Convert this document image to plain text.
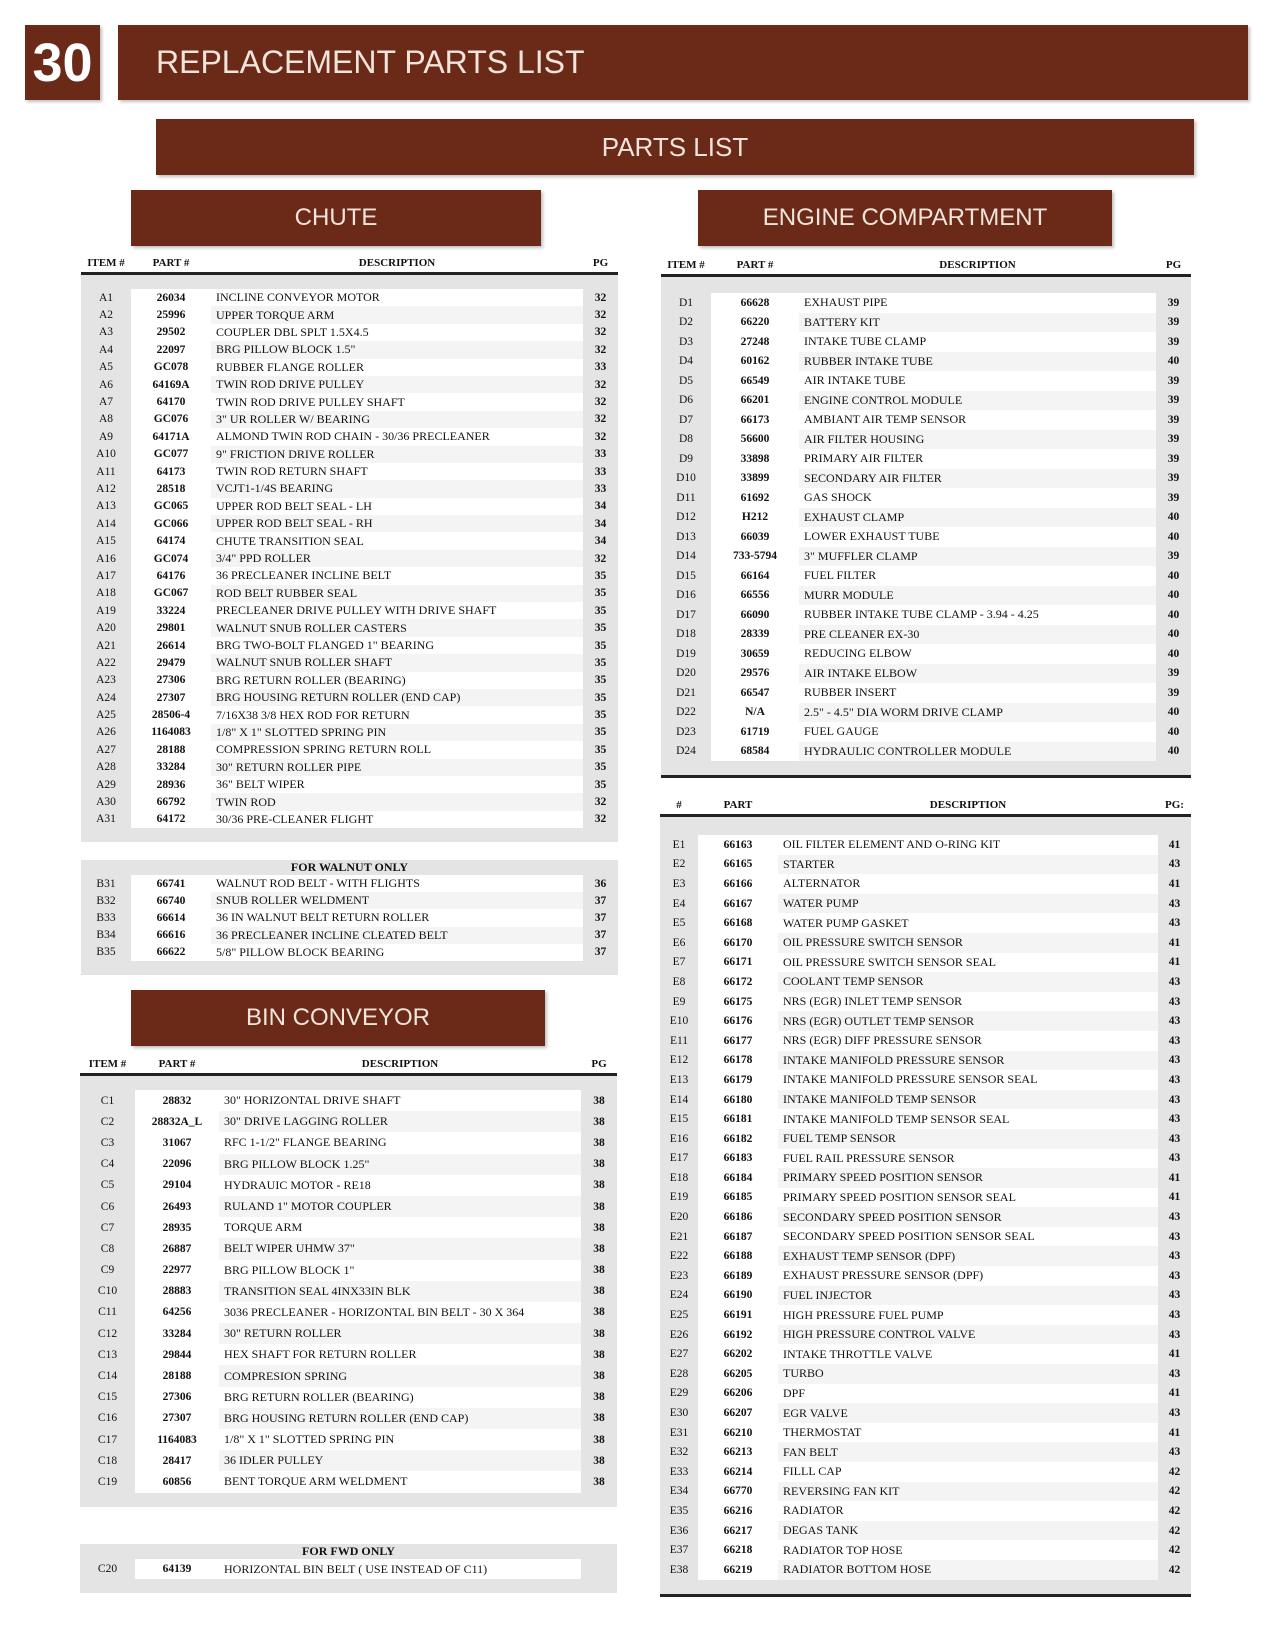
30	REPLACEMENT PARTS LIST
PARTS LIST
CHUTE
ITEM #	PART #	DESCRIPTION	PG
A1	26034	INCLINE CONVEYOR MOTOR	32
A2	25996	UPPER TORQUE ARM	32
A3	29502	COUPLER DBL SPLT 1.5X4.5	32
A4	22097	BRG PILLOW BLOCK 1.5"	32
A5	GC078	RUBBER FLANGE ROLLER	33
A6	64169A	TWIN ROD DRIVE PULLEY	32
A7	64170	TWIN ROD DRIVE PULLEY SHAFT	32
A8	GC076	3" UR ROLLER W/ BEARING	32
A9	64171A	ALMOND TWIN ROD CHAIN - 30/36 PRECLEANER	32
A10	GC077	9" FRICTION DRIVE ROLLER	33
A11	64173	TWIN ROD RETURN SHAFT	33
A12	28518	VCJT1-1/4S BEARING	33
A13	GC065	UPPER ROD BELT SEAL - LH	34
A14	GC066	UPPER ROD BELT SEAL - RH	34
A15	64174	CHUTE TRANSITION SEAL	34
A16	GC074	3/4" PPD ROLLER	32
A17	64176	36 PRECLEANER INCLINE BELT	35
A18	GC067	ROD BELT RUBBER SEAL	35
A19	33224	PRECLEANER DRIVE PULLEY WITH DRIVE SHAFT	35
A20	29801	WALNUT SNUB ROLLER CASTERS	35
A21	26614	BRG TWO-BOLT FLANGED 1" BEARING	35
A22	29479	WALNUT SNUB ROLLER SHAFT	35
A23	27306	BRG RETURN ROLLER (BEARING)	35
A24	27307	BRG HOUSING RETURN ROLLER (END CAP)	35
A25	28506-4	7/16X38 3/8 HEX ROD FOR RETURN	35
A26	1164083	1/8" X 1" SLOTTED SPRING PIN	35
A27	28188	COMPRESSION SPRING RETURN ROLL	35
A28	33284	30" RETURN ROLLER PIPE	35
A29	28936	36" BELT WIPER	35
A30	66792	TWIN ROD	32
A31	64172	30/36 PRE-CLEANER FLIGHT	32
FOR WALNUT ONLY
B31	66741	WALNUT ROD BELT - WITH FLIGHTS	36
B32	66740	SNUB ROLLER WELDMENT	37
B33	66614	36 IN WALNUT BELT RETURN ROLLER	37
B34	66616	36 PRECLEANER INCLINE CLEATED BELT	37
B35	66622	5/8" PILLOW BLOCK BEARING	37
BIN CONVEYOR
ITEM #	PART #	DESCRIPTION	PG
C1	28832	30" HORIZONTAL DRIVE SHAFT	38
C2	28832A_L	30" DRIVE LAGGING ROLLER	38
C3	31067	RFC 1-1/2" FLANGE BEARING	38
C4	22096	BRG PILLOW BLOCK 1.25"	38
C5	29104	HYDRAUIC MOTOR - RE18	38
C6	26493	RULAND 1" MOTOR COUPLER	38
C7	28935	TORQUE ARM	38
C8	26887	BELT WIPER UHMW 37"	38
C9	22977	BRG PILLOW BLOCK 1"	38
C10	28883	TRANSITION SEAL 4INX33IN BLK	38
C11	64256	3036 PRECLEANER - HORIZONTAL BIN BELT - 30 X 364	38
C12	33284	30" RETURN ROLLER	38
C13	29844	HEX SHAFT FOR RETURN ROLLER	38
C14	28188	COMPRESION SPRING	38
C15	27306	BRG RETURN ROLLER (BEARING)	38
C16	27307	BRG HOUSING RETURN ROLLER (END CAP)	38
C17	1164083	1/8" X 1" SLOTTED SPRING PIN	38
C18	28417	36 IDLER PULLEY	38
C19	60856	BENT TORQUE ARM WELDMENT	38
FOR FWD ONLY
C20	64139	HORIZONTAL BIN BELT ( USE INSTEAD OF C11)
ENGINE COMPARTMENT
ITEM #	PART #	DESCRIPTION	PG
D1	66628	EXHAUST PIPE	39
D2	66220	BATTERY KIT	39
D3	27248	INTAKE TUBE CLAMP	39
D4	60162	RUBBER INTAKE TUBE	40
D5	66549	AIR INTAKE TUBE	39
D6	66201	ENGINE CONTROL MODULE	39
D7	66173	AMBIANT AIR TEMP SENSOR	39
D8	56600	AIR FILTER HOUSING	39
D9	33898	PRIMARY AIR FILTER	39
D10	33899	SECONDARY AIR FILTER	39
D11	61692	GAS SHOCK	39
D12	H212	EXHAUST CLAMP	40
D13	66039	LOWER EXHAUST TUBE	40
D14	733-5794	3" MUFFLER CLAMP	39
D15	66164	FUEL FILTER	40
D16	66556	MURR MODULE	40
D17	66090	RUBBER INTAKE TUBE CLAMP - 3.94 - 4.25	40
D18	28339	PRE CLEANER EX-30	40
D19	30659	REDUCING ELBOW	40
D20	29576	AIR INTAKE ELBOW	39
D21	66547	RUBBER INSERT	39
D22	N/A	2.5" - 4.5" DIA WORM DRIVE CLAMP	40
D23	61719	FUEL GAUGE	40
D24	68584	HYDRAULIC CONTROLLER MODULE	40
#	PART	DESCRIPTION	PG:
E1	66163	OIL FILTER ELEMENT AND O-RING KIT	41
E2	66165	STARTER	43
E3	66166	ALTERNATOR	41
E4	66167	WATER PUMP	43
E5	66168	WATER PUMP GASKET	43
E6	66170	OIL PRESSURE SWITCH SENSOR	41
E7	66171	OIL PRESSURE SWITCH SENSOR SEAL	41
E8	66172	COOLANT TEMP SENSOR	43
E9	66175	NRS (EGR) INLET TEMP SENSOR	43
E10	66176	NRS (EGR) OUTLET TEMP SENSOR	43
E11	66177	NRS (EGR) DIFF PRESSURE SENSOR	43
E12	66178	INTAKE MANIFOLD PRESSURE SENSOR	43
E13	66179	INTAKE MANIFOLD PRESSURE SENSOR SEAL	43
E14	66180	INTAKE MANIFOLD TEMP SENSOR	43
E15	66181	INTAKE MANIFOLD TEMP SENSOR SEAL	43
E16	66182	FUEL TEMP SENSOR	43
E17	66183	FUEL RAIL PRESSURE SENSOR	43
E18	66184	PRIMARY SPEED POSITION SENSOR	41
E19	66185	PRIMARY SPEED POSITION SENSOR SEAL	41
E20	66186	SECONDARY SPEED POSITION SENSOR	43
E21	66187	SECONDARY SPEED POSITION SENSOR SEAL	43
E22	66188	EXHAUST TEMP SENSOR (DPF)	43
E23	66189	EXHAUST PRESSURE SENSOR (DPF)	43
E24	66190	FUEL INJECTOR	43
E25	66191	HIGH PRESSURE FUEL PUMP	43
E26	66192	HIGH PRESSURE CONTROL VALVE	43
E27	66202	INTAKE THROTTLE VALVE	41
E28	66205	TURBO	43
E29	66206	DPF	41
E30	66207	EGR VALVE	43
E31	66210	THERMOSTAT	41
E32	66213	FAN BELT	43
E33	66214	FILLL CAP	42
E34	66770	REVERSING FAN KIT	42
E35	66216	RADIATOR	42
E36	66217	DEGAS TANK	42
E37	66218	RADIATOR TOP HOSE	42
E38	66219	RADIATOR BOTTOM HOSE	42
